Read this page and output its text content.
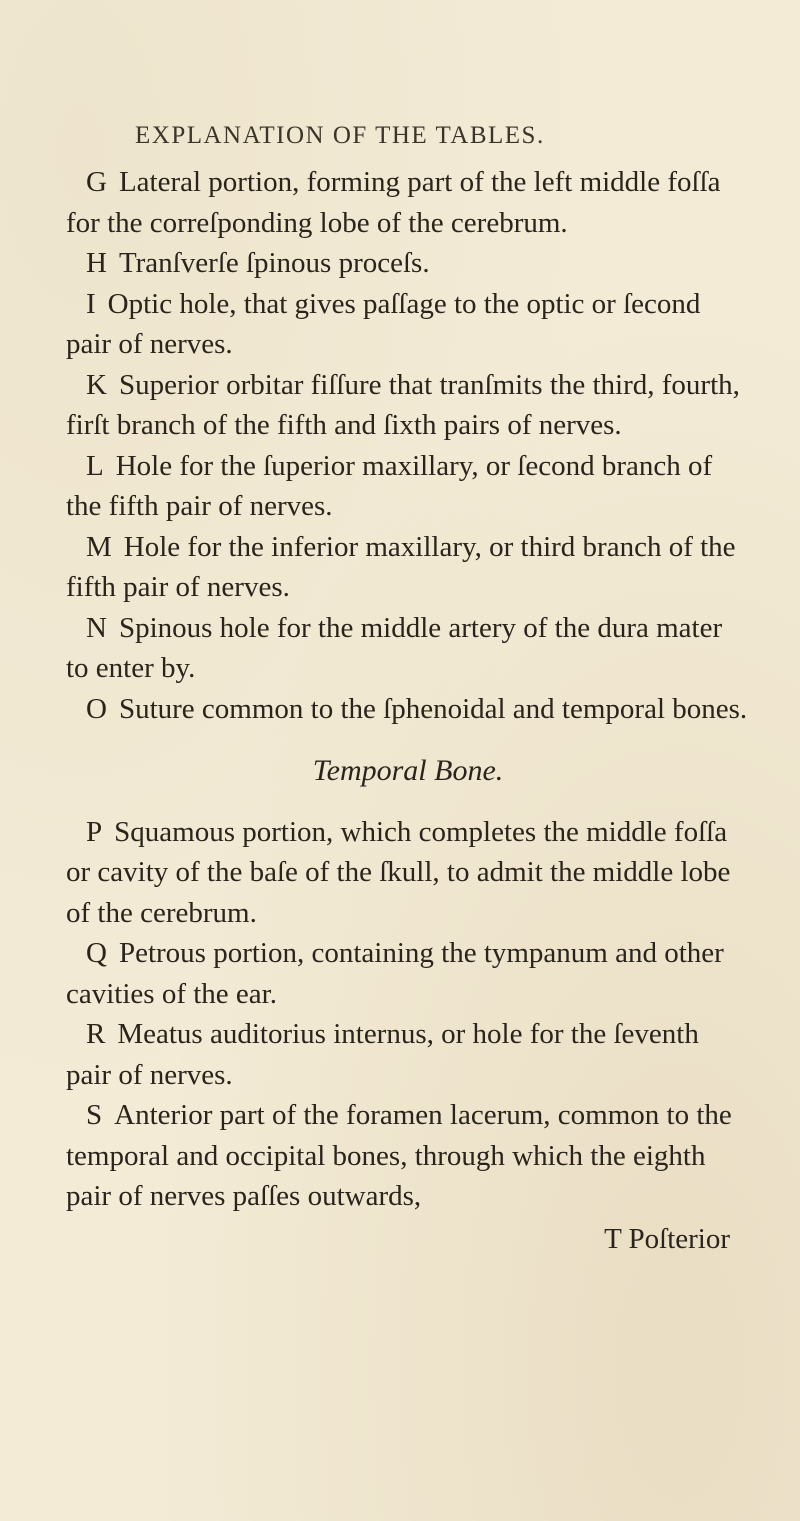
EXPLANATION OF THE TABLES.

G Lateral portion, forming part of the left middle foſſa for the correſponding lobe of the cerebrum.

H Tranſverſe ſpinous proceſs.

I Optic hole, that gives paſſage to the optic or ſecond pair of nerves.

K Superior orbitar fiſſure that tranſmits the third, fourth, firſt branch of the fifth and ſixth pairs of nerves.

L Hole for the ſuperior maxillary, or ſecond branch of the fifth pair of nerves.

M Hole for the inferior maxillary, or third branch of the fifth pair of nerves.

N Spinous hole for the middle artery of the dura mater to enter by.

O Suture common to the ſphenoidal and temporal bones.

Temporal Bone.

P Squamous portion, which completes the middle foſſa or cavity of the baſe of the ſkull, to admit the middle lobe of the cerebrum.

Q Petrous portion, containing the tympanum and other cavities of the ear.

R Meatus auditorius internus, or hole for the ſeventh pair of nerves.

S Anterior part of the foramen lacerum, common to the temporal and occipital bones, through which the eighth pair of nerves paſſes outwards,

T Poſterior
